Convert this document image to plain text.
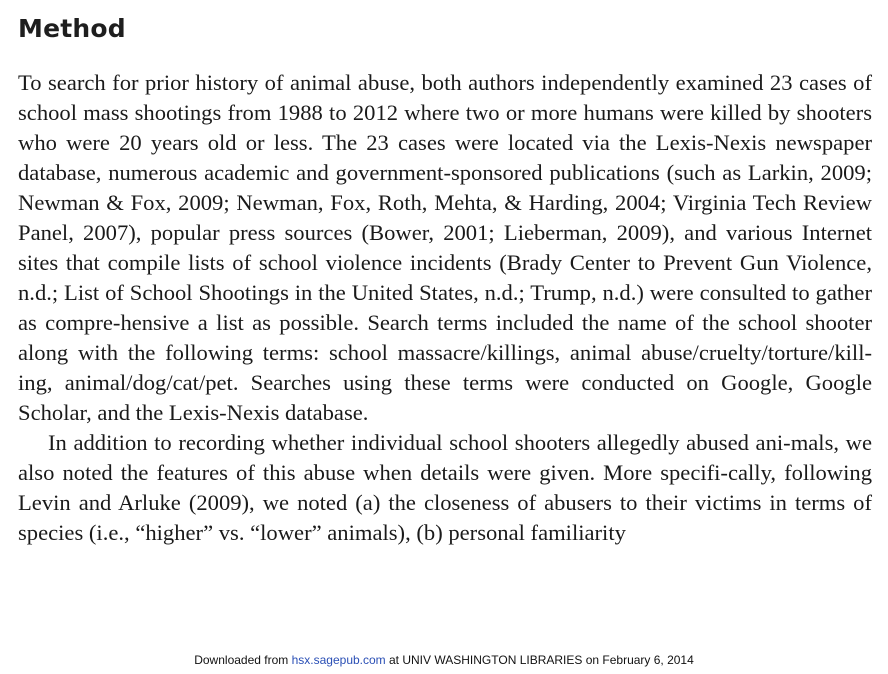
Method

To search for prior history of animal abuse, both authors independently examined 23 cases of school mass shootings from 1988 to 2012 where two or more humans were killed by shooters who were 20 years old or less. The 23 cases were located via the Lexis-Nexis newspaper database, numerous academic and government-sponsored publications (such as Larkin, 2009; Newman & Fox, 2009; Newman, Fox, Roth, Mehta, & Harding, 2004; Virginia Tech Review Panel, 2007), popular press sources (Bower, 2001; Lieberman, 2009), and various Internet sites that compile lists of school violence incidents (Brady Center to Prevent Gun Violence, n.d.; List of School Shootings in the United States, n.d.; Trump, n.d.) were consulted to gather as compre-hensive a list as possible. Search terms included the name of the school shooter along with the following terms: school massacre/killings, animal abuse/cruelty/torture/kill-ing, animal/dog/cat/pet. Searches using these terms were conducted on Google, Google Scholar, and the Lexis-Nexis database.

In addition to recording whether individual school shooters allegedly abused ani-mals, we also noted the features of this abuse when details were given. More specifi-cally, following Levin and Arluke (2009), we noted (a) the closeness of abusers to their victims in terms of species (i.e., “higher” vs. “lower” animals), (b) personal familiarity

Downloaded from hsx.sagepub.com at UNIV WASHINGTON LIBRARIES on February 6, 2014
